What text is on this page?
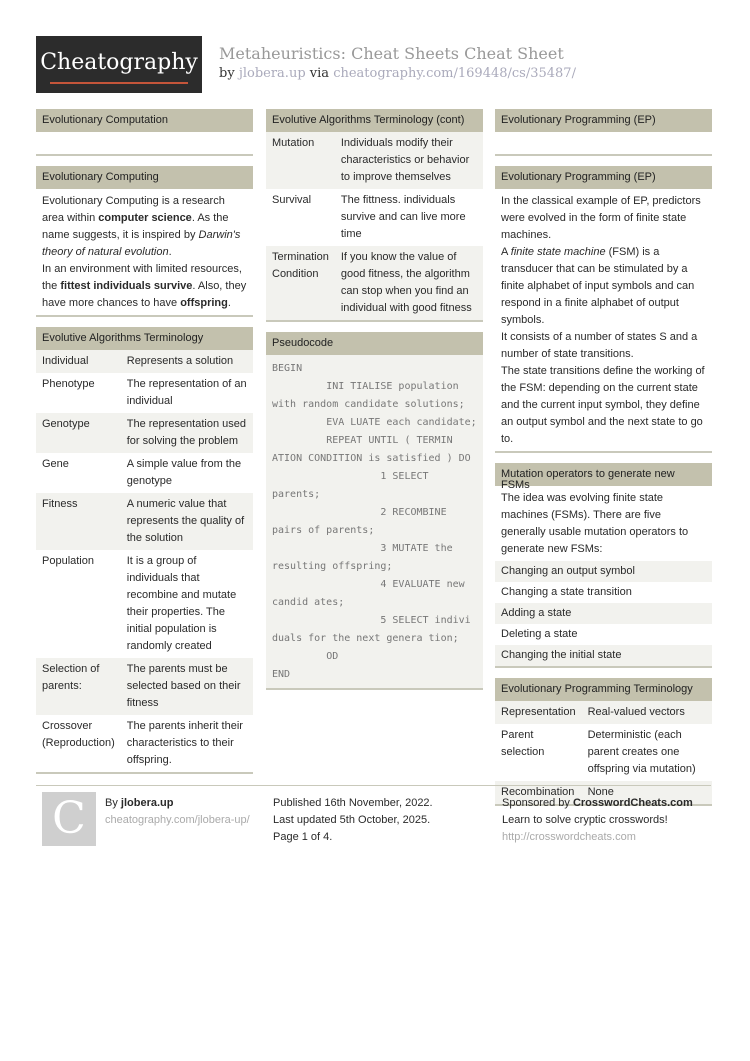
Cheatography Metaheuristics: Cheat Sheets Cheat Sheet
by jlobera.up via cheatography.com/169448/cs/35487/
Evolutionary Computation
Evolutionary Computing

Evolutionary Computing is a research area within computer science. As the name suggests, it is inspired by Darwin's theory of natural evolution.

In an environment with limited resources, the fittest individuals survive. Also, they have more chances to have offspring.

Evolutive Algorithms Terminology
Individual	Represents a solution
Phenotype	The representation of an individual
Genotype	The representation used for solving the problem
Gene	A simple value from the genotype
Fitness	A numeric value that represents the quality of the solution
Population	It is a group of individuals that recombine and mutate their properties. The initial population is randomly created
Selection of parents:	The parents must be selected based on their fitness
Crossover (Reproduction)	The parents inherit their characteristics to their offspring.
Evolutive Algorithms Terminology (cont)
Mutation	Individuals modify their characteristics or behavior to improve themselves
Survival	The fittness. individuals survive and can live more time
Termination Condition	If you know the value of good fitness, the algorithm can stop when you find an individual with good fitness
Pseudocode
BEGIN
INI TIALISE population with random candidate solutions;
EVA LUATE each candidate;
REPEAT UNTIL ( TERMIN ATION CONDITION is satisfied ) DO
1 SELECT parents;
2 RECOMBINE pairs of parents;
3 MUTATE the resulting offspring;
4 EVALUATE new candid ates;
5 SELECT indivi duals for the next genera tion;
OD
END
Evolutionary Programming (EP)
Evolutionary Programming (EP)

In the classical example of EP, predictors were evolved in the form of finite state machines.

A finite state machine (FSM) is a transducer that can be stimulated by a finite alphabet of input symbols and can respond in a finite alphabet of output symbols.

It consists of a number of states S and a number of state transitions.

The state transitions define the working of the FSM: depending on the current state and the current input symbol, they define an output symbol and the next state to go to.

Mutation operators to generate new FSMs
The idea was evolving finite state machines (FSMs). There are five generally usable mutation operators to generate new FSMs:
Changing an output symbol
Changing a state transition
Adding a state
Deleting a state
Changing the initial state
Evolutionary Programming Terminology
Representation	Real-valued vectors
Parent selection	Deterministic (each parent creates one offspring via mutation)
Recombination	None
C	By jlobera.up
cheatography.com/jlobera-up/
Published 16th November, 2022.
Last updated 5th October, 2025.
Page 1 of 4.
Sponsored by CrosswordCheats.com
Learn to solve cryptic crosswords!
http://crosswordcheats.com
